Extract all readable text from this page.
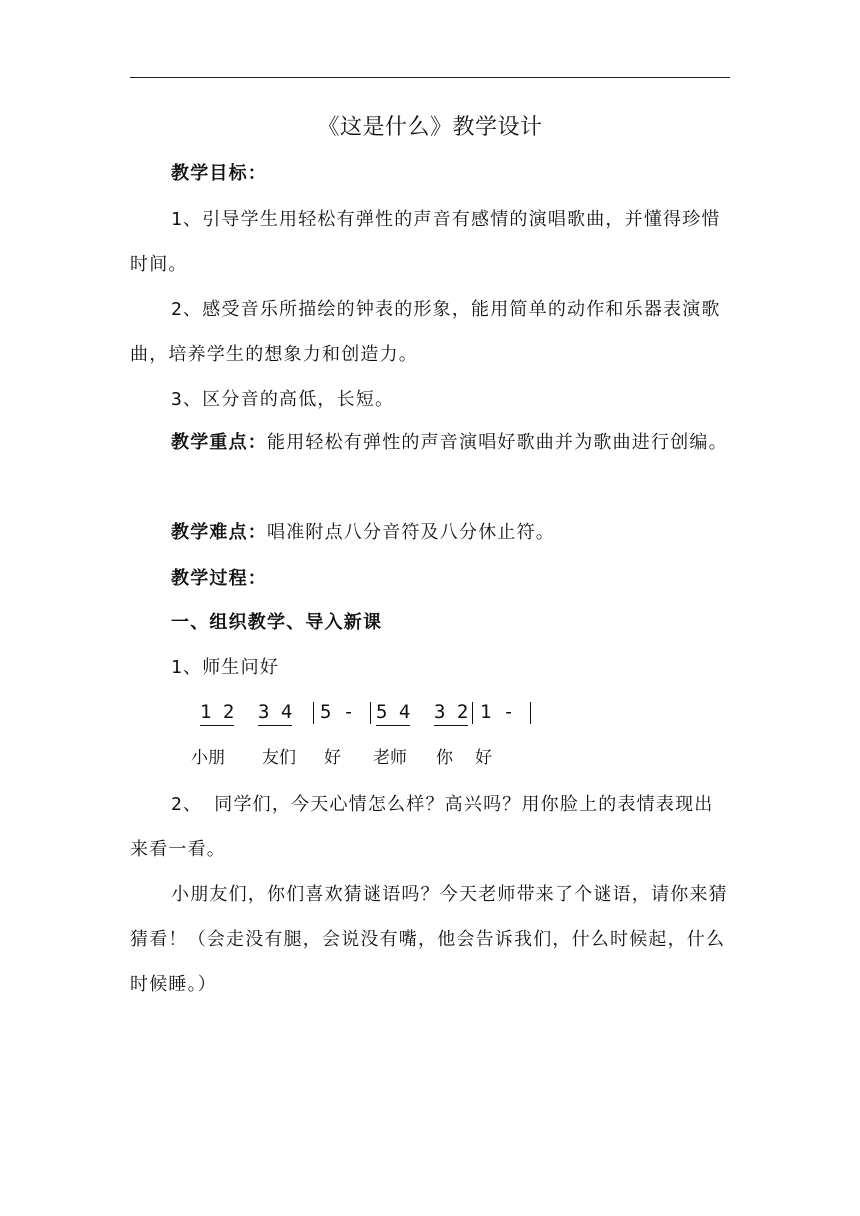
《这是什么》教学设计
教学目标：
1、引导学生用轻松有弹性的声音有感情的演唱歌曲，并懂得珍惜时间。
2、感受音乐所描绘的钟表的形象，能用简单的动作和乐器表演歌曲，培养学生的想象力和创造力。
3、区分音的高低，长短。
教学重点：能用轻松有弹性的声音演唱好歌曲并为歌曲进行创编。
教学难点：唱准附点八分音符及八分休止符。
教学过程：
一、组织教学、导入新课
1、师生问好

1 2

3 4

5 -

5 4

3 2

1 -

小朋 友们 好 老师 你 好
2、 同学们，今天心情怎么样？高兴吗？用你脸上的表情表现出来看一看。
小朋友们，你们喜欢猜谜语吗？今天老师带来了个谜语，请你来猜猜看！（会走没有腿，会说没有嘴，他会告诉我们，什么时候起，什么时候睡。）
